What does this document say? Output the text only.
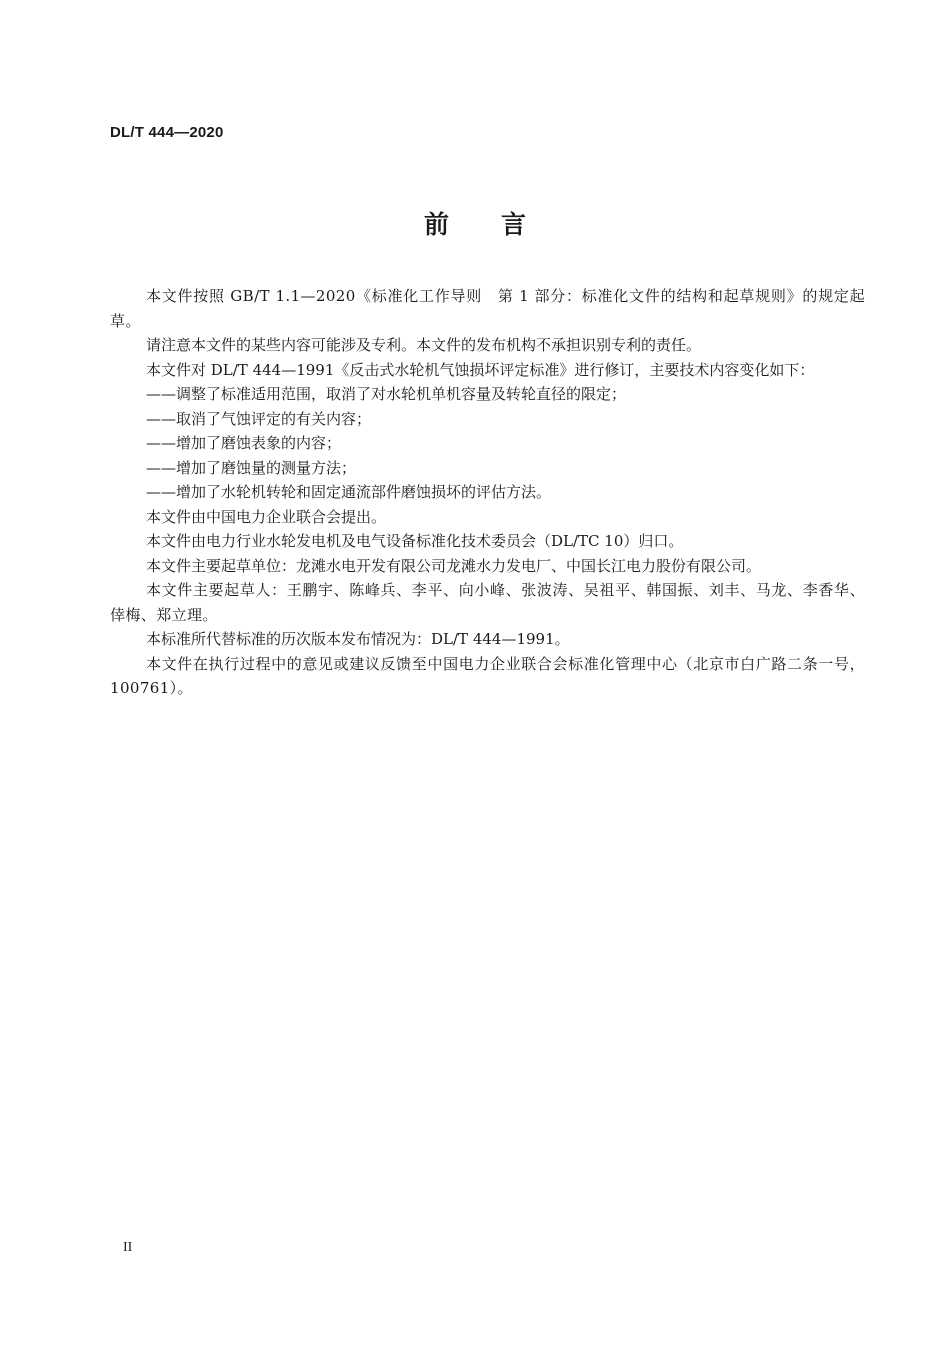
DL/T 444—2020
前 言

本文件按照 GB/T 1.1—2020《标准化工作导则　第 1 部分：标准化文件的结构和起草规则》的规定起草。

请注意本文件的某些内容可能涉及专利。本文件的发布机构不承担识别专利的责任。

本文件对 DL/T 444—1991《反击式水轮机气蚀损坏评定标准》进行修订，主要技术内容变化如下：

——调整了标准适用范围，取消了对水轮机单机容量及转轮直径的限定；

——取消了气蚀评定的有关内容；

——增加了磨蚀表象的内容；

——增加了磨蚀量的测量方法；

——增加了水轮机转轮和固定通流部件磨蚀损坏的评估方法。

本文件由中国电力企业联合会提出。

本文件由电力行业水轮发电机及电气设备标准化技术委员会（DL/TC 10）归口。

本文件主要起草单位：龙滩水电开发有限公司龙滩水力发电厂、中国长江电力股份有限公司。

本文件主要起草人：王鹏宇、陈峰兵、李平、向小峰、张波涛、吴祖平、韩国振、刘丰、马龙、李香华、倖梅、郑立理。

本标准所代替标准的历次版本发布情况为：DL/T 444—1991。

本文件在执行过程中的意见或建议反馈至中国电力企业联合会标准化管理中心（北京市白广路二条一号，100761）。

II
